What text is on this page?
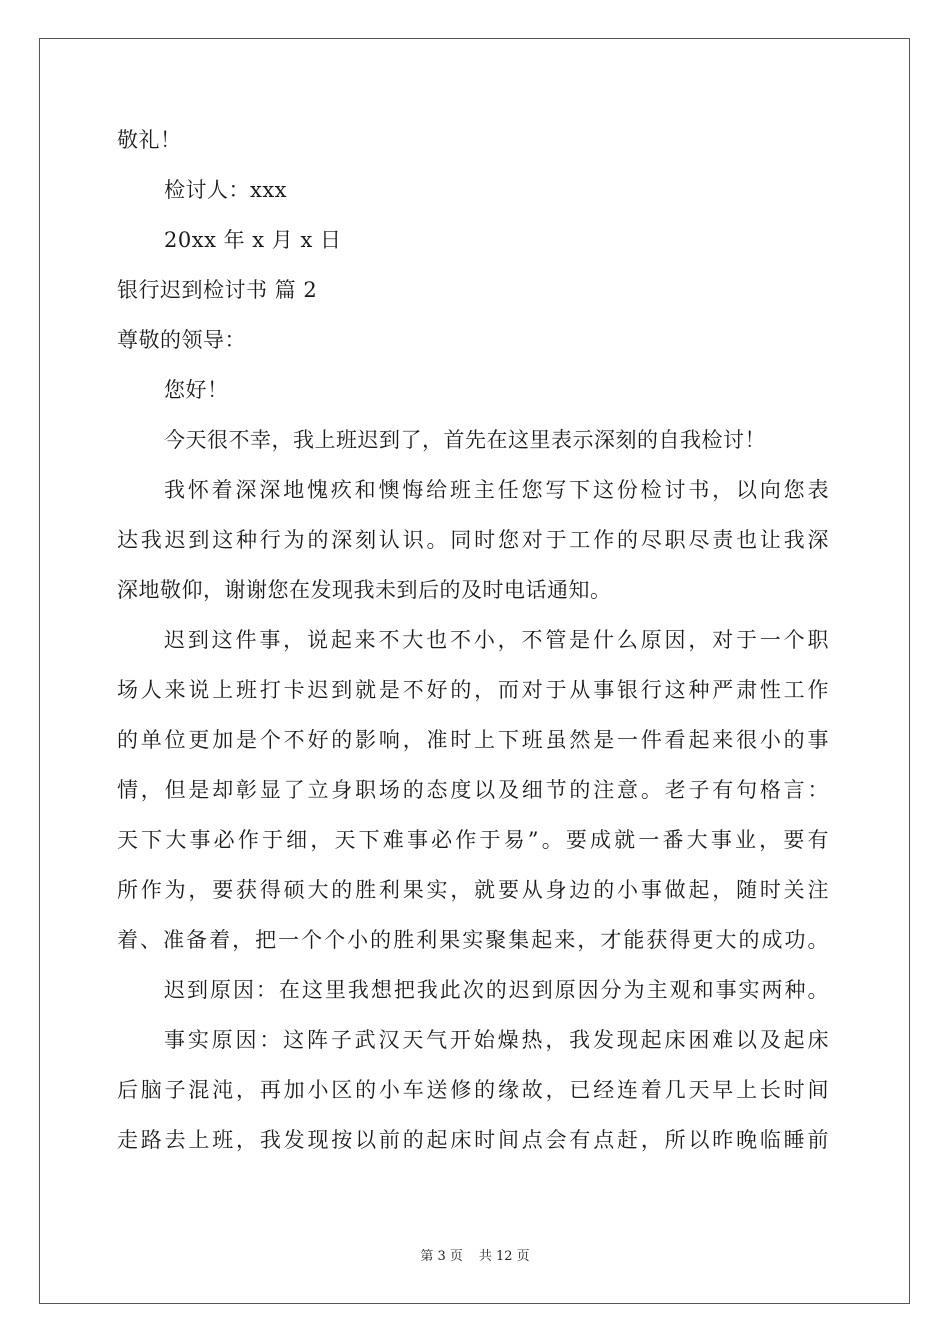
敬礼！
检讨人：xxx
20xx 年 x 月 x 日
银行迟到检讨书 篇 2
尊敬的领导：
您好！
今天很不幸，我上班迟到了，首先在这里表示深刻的自我检讨！
我怀着深深地愧疚和懊悔给班主任您写下这份检讨书，以向您表
达我迟到这种行为的深刻认识。同时您对于工作的尽职尽责也让我深
深地敬仰，谢谢您在发现我未到后的及时电话通知。
迟到这件事，说起来不大也不小，不管是什么原因，对于一个职
场人来说上班打卡迟到就是不好的，而对于从事银行这种严肃性工作
的单位更加是个不好的影响，准时上下班虽然是一件看起来很小的事
情，但是却彰显了立身职场的态度以及细节的注意。老子有句格言：
天下大事必作于细，天下难事必作于易”。要成就一番大事业，要有
所作为，要获得硕大的胜利果实，就要从身边的小事做起，随时关注
着、准备着，把一个个小的胜利果实聚集起来，才能获得更大的成功。
迟到原因：在这里我想把我此次的迟到原因分为主观和事实两种。
事实原因：这阵子武汉天气开始燥热，我发现起床困难以及起床
后脑子混沌，再加小区的小车送修的缘故，已经连着几天早上长时间
走路去上班，我发现按以前的起床时间点会有点赶，所以昨晚临睡前
第 3 页 共 12 页
